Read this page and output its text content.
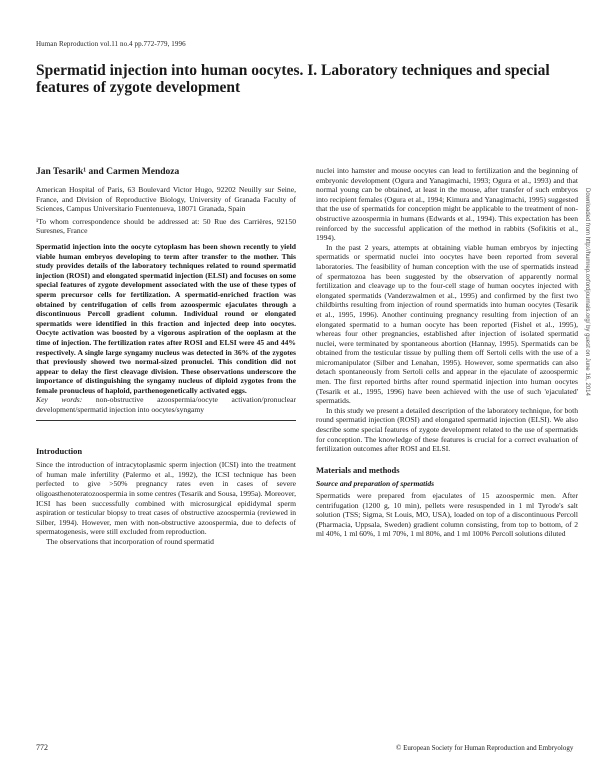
Human Reproduction vol.11 no.4 pp.772-779, 1996
Spermatid injection into human oocytes. I. Laboratory techniques and special features of zygote development

Jan Tesarik¹ and Carmen Mendoza

American Hospital of Paris, 63 Boulevard Victor Hugo, 92202 Neuilly sur Seine, France, and Division of Reproductive Biology, University of Granada Faculty of Sciences, Campus Universitario Fuentenueva, 18071 Granada, Spain

¹To whom correspondence should be addressed at: 50 Rue des Carrières, 92150 Suresnes, France

Spermatid injection into the oocyte cytoplasm has been shown recently to yield viable human embryos developing to term after transfer to the mother. This study provides details of the laboratory techniques related to round spermatid injection (ROSI) and elongated spermatid injection (ELSI) and focuses on some special features of zygote development associated with the use of these types of sperm precursor cells for fertilization. A spermatid-enriched fraction was obtained by centrifugation of cells from azoospermic ejaculates through a discontinuous Percoll gradient column. Individual round or elongated spermatids were identified in this fraction and injected deep into oocytes. Oocyte activation was boosted by a vigorous aspiration of the ooplasm at the time of injection. The fertilization rates after ROSI and ELSI were 45 and 44% respectively. A single large syngamy nucleus was detected in 36% of the zygotes that previously showed two normal-sized pronuclei. This condition did not appear to delay the first cleavage division. These observations underscore the importance of distinguishing the syngamy nucleus of diploid zygotes from the female pronucleus of haploid, parthenogenetically activated eggs.

Key words: non-obstructive azoospermia/oocyte activation/pronuclear development/spermatid injection into oocytes/syngamy

Introduction

Since the introduction of intracytoplasmic sperm injection (ICSI) into the treatment of human male infertility (Palermo et al., 1992), the ICSI technique has been perfected to give >50% pregnancy rates even in cases of severe oligoasthenoteratozoospermia in some centres (Tesarik and Sousa, 1995a). Moreover, ICSI has been successfully combined with microsurgical epididymal sperm aspiration or testicular biopsy to treat cases of obstructive azoospermia (reviewed in Silber, 1994). However, men with non-obstructive azoospermia, due to defects of spermatogenesis, were still excluded from reproduction.

The observations that incorporation of round spermatid

nuclei into hamster and mouse oocytes can lead to fertilization and the beginning of embryonic development (Ogura and Yanagimachi, 1993; Ogura et al., 1993) and that normal young can be obtained, at least in the mouse, after transfer of such embryos into recipient females (Ogura et al., 1994; Kimura and Yanagimachi, 1995) suggested that the use of spermatids for conception might be applicable to the treatment of non-obstructive azoospermia in humans (Edwards et al., 1994). This expectation has been reinforced by the successful application of the method in rabbits (Sofikitis et al., 1994).

In the past 2 years, attempts at obtaining viable human embryos by injecting spermatids or spermatid nuclei into oocytes have been reported from several laboratories. The feasibility of human conception with the use of spermatids instead of spermatozoa has been suggested by the observation of apparently normal fertilization and cleavage up to the four-cell stage of human oocytes injected with elongated spermatids (Vanderzwalmen et al., 1995) and confirmed by the first two childbirths resulting from injection of round spermatids into human oocytes (Tesarik et al., 1995, 1996). Another continuing pregnancy resulting from injection of an elongated spermatid to a human oocyte has been reported (Fishel et al., 1995), whereas four other pregnancies, established after injection of isolated spermatid nuclei, were terminated by spontaneous abortion (Hannay, 1995). Spermatids can be obtained from the testicular tissue by pulling them off Sertoli cells with the use of a micromanipulator (Silber and Lenahan, 1995). However, some spermatids can also detach spontaneously from Sertoli cells and appear in the ejaculate of azoospermic men. The first reported births after round spermatid injection into human oocytes (Tesarik et al., 1995, 1996) have been achieved with the use of such 'ejaculated' spermatids.

In this study we present a detailed description of the laboratory technique, for both round spermatid injection (ROSI) and elongated spermatid injection (ELSI). We also describe some special features of zygote development related to the use of spermatids for conception. The knowledge of these features is crucial for a correct evaluation of fertilization outcomes after ROSI and ELSI.

Materials and methods

Source and preparation of spermatids

Spermatids were prepared from ejaculates of 15 azoospermic men. After centrifugation (1200 g, 10 min), pellets were resuspended in 1 ml Tyrode's salt solution (TSS; Sigma, St Louis, MO, USA), loaded on top of a discontinuous Percoll (Pharmacia, Uppsala, Sweden) gradient column consisting, from top to bottom, of 2 ml 40%, 1 ml 60%, 1 ml 70%, 1 ml 80%, and 1 ml 100% Percoll solutions diluted

Downloaded from http://humrep.oxfordjournals.org/ by guest on June 16, 2014
772	© European Society for Human Reproduction and Embryology
